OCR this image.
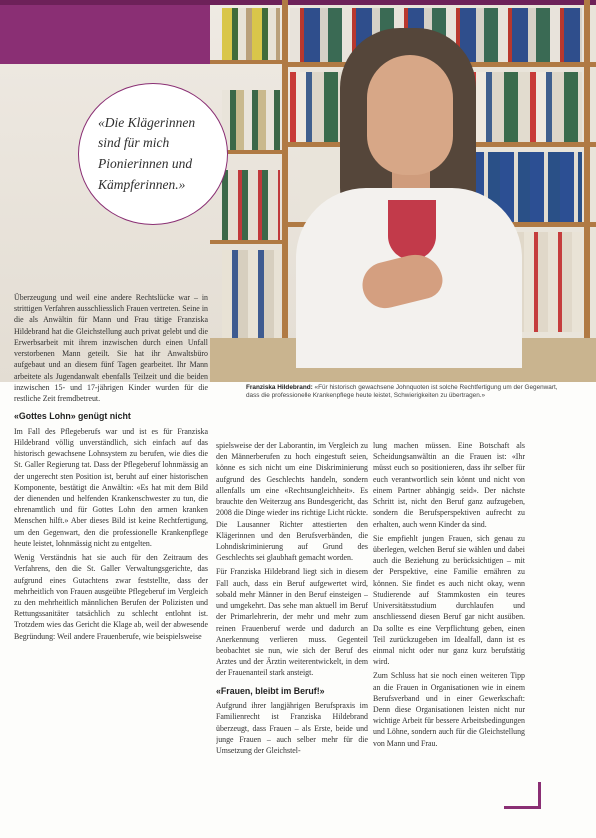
«Die Klägerinnen sind für mich Pionierinnen und Kämpferinnen.»

Franziska Hildebrand: «Für historisch gewachsene Johnquoten ist solche Rechtfertigung um der Gegenwart, dass die professionelle Krankenpflege heute leistet, Schwierigkeiten zu übertragen.»

Überzeugung und weil eine andere Rechtslücke war – in strittigen Verfahren ausschliesslich Frauen vertreten. Seine in die als Anwältin für Mann und Frau tätige Franziska Hildebrand hat die Gleichstellung auch privat gelebt und die Erwerbsarbeit mit ihrem inzwischen durch einen Unfall verstorbenen Mann geteilt. Sie hat ihr Anwaltsbüro aufgebaut und an diesem fünf Tagen gearbeitet. Ihr Mann arbeitete als Jugendanwalt ebenfalls Teilzeit und die beiden inzwischen 15- und 17-jährigen Kinder wurden für die restliche Zeit fremdbetreut.

«Gottes Lohn» genügt nicht

Im Fall des Pflegeberufs war und ist es für Franziska Hildebrand völlig unverständlich, sich einfach auf das historisch gewachsene Lohnsystem zu berufen, wie dies die St. Galler Regierung tat. Dass der Pflegeberuf lohnmässig an der ungerecht sten Position ist, beruht auf einer historischen Komponente, bestätigt die Anwältin: «Es hat mit dem Bild der dienenden und helfenden Krankenschwester zu tun, die ehrenamtlich und für Gottes Lohn den armen kranken Menschen hilft.» Aber dieses Bild ist keine Rechtfertigung, um den Gegenwart, den die professionelle Krankenpflege heute leistet, lohnmässig nicht zu entgelten.

Wenig Verständnis hat sie auch für den Zeitraum des Verfahrens, den die St. Galler Verwaltungsgerichte, das aufgrund eines Gutachtens zwar feststellte, dass der mehrheitlich von Frauen ausgeübte Pflegeberuf im Vergleich zu den mehrheitlich männlichen Berufen der Polizisten und Rettungssanitäter tatsächlich zu schlecht entlohnt ist. Trotzdem wies das Gericht die Klage ab, weil der abwesende Begründung: Weil andere Frauenberufe, wie beispielsweise

spielsweise der der Laborantin, im Vergleich zu den Männerberufen zu hoch eingestuft seien, könne es sich nicht um eine Diskriminierung aufgrund des Geschlechts handeln, sondern allenfalls um eine «Rechtsungleichheit». Es brauchte den Weiterzug ans Bundesgericht, das 2008 die Dinge wieder ins richtige Licht rückte. Die Lausanner Richter attestierten den Klägerinnen und den Berufsverbänden, die Lohndiskriminierung auf Grund des Geschlechts sei glaubhaft gemacht worden.

Für Franziska Hildebrand liegt sich in diesem Fall auch, dass ein Beruf aufgewertet wird, sobald mehr Männer in den Beruf einsteigen – und umgekehrt. Das sehe man aktuell im Beruf der Primarlehrerin, der mehr und mehr zum reinen Frauenberuf werde und dadurch an Anerkennung verlieren muss. Gegenteil beobachtet sie nun, wie sich der Beruf des Arztes und der Ärztin weiterentwickelt, in dem der Frauenanteil stark ansteigt.

«Frauen, bleibt im Beruf!»

Aufgrund ihrer langjährigen Berufspraxis im Familienrecht ist Franziska Hildebrand überzeugt, dass Frauen – als Erste, beide und junge Frauen – auch selber mehr für die Umsetzung der Gleichstel-

lung machen müssen. Eine Botschaft als Scheidungsanwältin an die Frauen ist: «Ihr müsst euch so positionieren, dass ihr selber für euch verantwortlich sein könnt und nicht von einem Partner abhängig seid». Der nächste Schritt ist, nicht den Beruf ganz aufzugeben, sondern die Berufsperspektiven aufrecht zu erhalten, auch wenn Kinder da sind.

Sie empfiehlt jungen Frauen, sich genau zu überlegen, welchen Beruf sie wählen und dabei auch die Beziehung zu berücksichtigen – mit der Perspektive, eine Familie ernähren zu können. Sie findet es auch nicht okay, wenn Studierende auf Stammkosten ein teures Universitätsstudium durchlaufen und anschliessend diesen Beruf gar nicht ausüben. Da sollte es eine Verpflichtung geben, einen Teil zurückzugeben im Idealfall, dann ist es einmal nicht oder nur ganz kurz berufstätig wird.

Zum Schluss hat sie noch einen weiteren Tipp an die Frauen in Organisationen wie in einem Berufsverband und in einer Gewerkschaft: Denn diese Organisationen leisten nicht nur wichtige Arbeit für bessere Arbeitsbedingungen und Löhne, sondern auch für die Gleichstellung von Mann und Frau.
